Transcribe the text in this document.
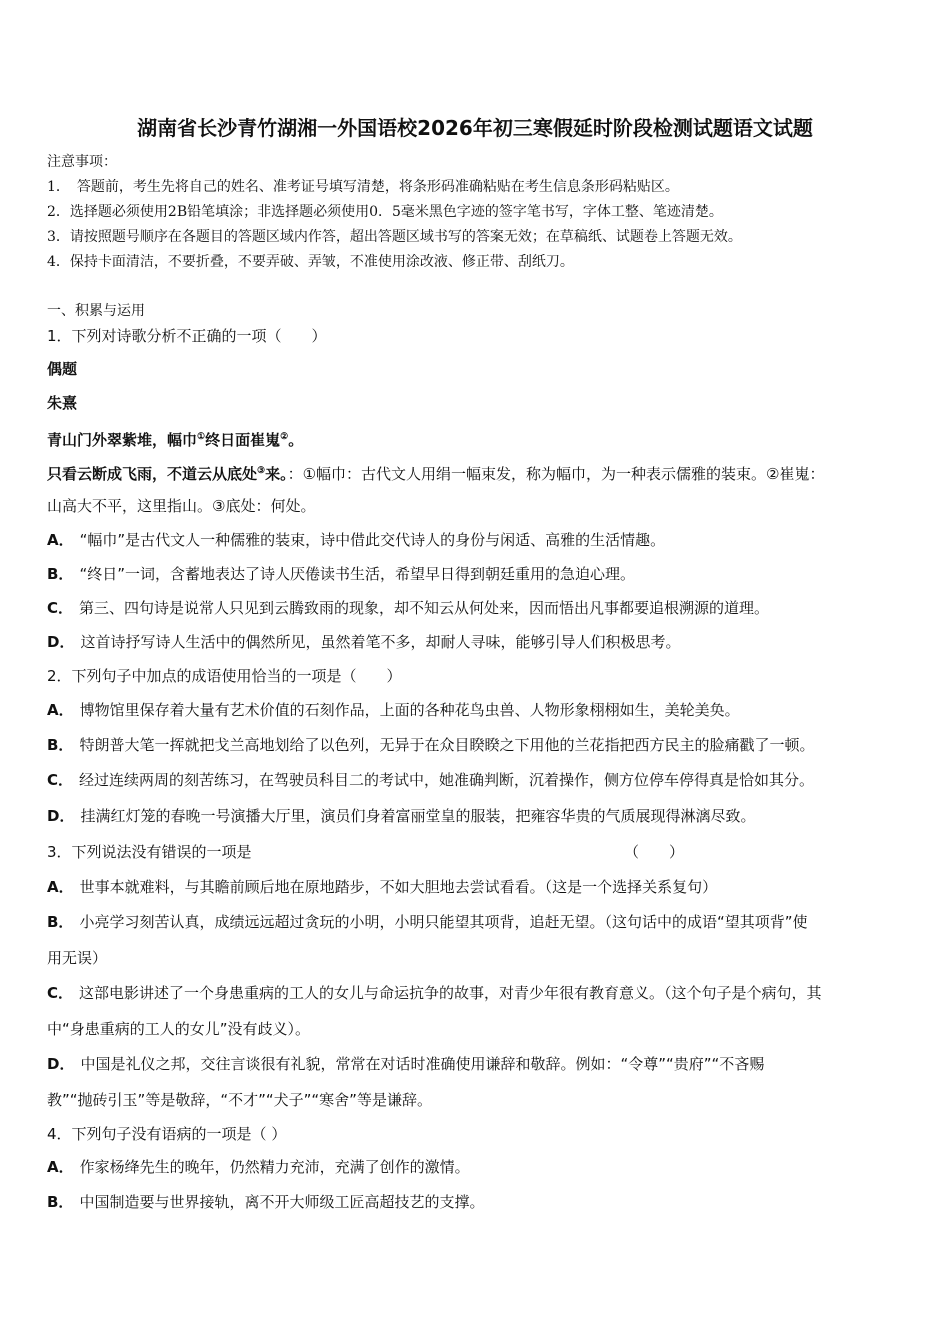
湖南省长沙青竹湖湘一外国语校2026年初三寒假延时阶段检测试题语文试题
注意事项：
1．　答题前，考生先将自己的姓名、准考证号填写清楚，将条形码准确粘贴在考生信息条形码粘贴区。
2．选择题必须使用2B铅笔填涂；非选择题必须使用0．5毫米黑色字迹的签字笔书写，字体工整、笔迹清楚。
3．请按照题号顺序在各题目的答题区域内作答，超出答题区域书写的答案无效；在草稿纸、试题卷上答题无效。
4．保持卡面清洁，不要折叠，不要弄破、弄皱，不准使用涂改液、修正带、刮纸刀。
一、积累与运用
1．下列对诗歌分析不正确的一项（　　）
偶题
朱熹
青山门外翠紫堆，幅巾①终日面崔嵬②。
只看云断成飞雨，不道云从底处③来。：①幅巾：古代文人用绢一幅束发，称为幅巾，为一种表示儒雅的装束。②崔嵬：
山高大不平，这里指山。③底处：何处。
A． “幅巾”是古代文人一种儒雅的装束，诗中借此交代诗人的身份与闲适、高雅的生活情趣。
B． “终日”一词，含蓄地表达了诗人厌倦读书生活，希望早日得到朝廷重用的急迫心理。
C． 第三、四句诗是说常人只见到云腾致雨的现象，却不知云从何处来，因而悟出凡事都要追根溯源的道理。
D． 这首诗抒写诗人生活中的偶然所见，虽然着笔不多，却耐人寻味，能够引导人们积极思考。
2．下列句子中加点的成语使用恰当的一项是（　　）
A． 博物馆里保存着大量有艺术价值的石刻作品，上面的各种花鸟虫兽、人物形象栩栩如生，美轮美奂。
B． 特朗普大笔一挥就把戈兰高地划给了以色列，无异于在众目睽睽之下用他的兰花指把西方民主的脸痛戳了一顿。
C． 经过连续两周的刻苦练习，在驾驶员科目二的考试中，她准确判断，沉着操作，侧方位停车停得真是恰如其分。
D． 挂满红灯笼的春晚一号演播大厅里，演员们身着富丽堂皇的服装，把雍容华贵的气质展现得淋漓尽致。
3．下列说法没有错误的一项是	（　　）
A． 世事本就难料，与其瞻前顾后地在原地踏步，不如大胆地去尝试看看。（这是一个选择关系复句）
B． 小亮学习刻苦认真，成绩远远超过贪玩的小明，小明只能望其项背，追赶无望。（这句话中的成语“望其项背”使
用无误）
C． 这部电影讲述了一个身患重病的工人的女儿与命运抗争的故事，对青少年很有教育意义。（这个句子是个病句，其
中“身患重病的工人的女儿”没有歧义）。
D． 中国是礼仪之邦，交往言谈很有礼貌，常常在对话时准确使用谦辞和敬辞。例如：“令尊”“贵府”“不吝赐
教”“抛砖引玉”等是敬辞，“不才”“犬子”“寒舍”等是谦辞。
4．下列句子没有语病的一项是（ ）
A． 作家杨绛先生的晚年，仍然精力充沛，充满了创作的激情。
B． 中国制造要与世界接轨，离不开大师级工匠高超技艺的支撑。
